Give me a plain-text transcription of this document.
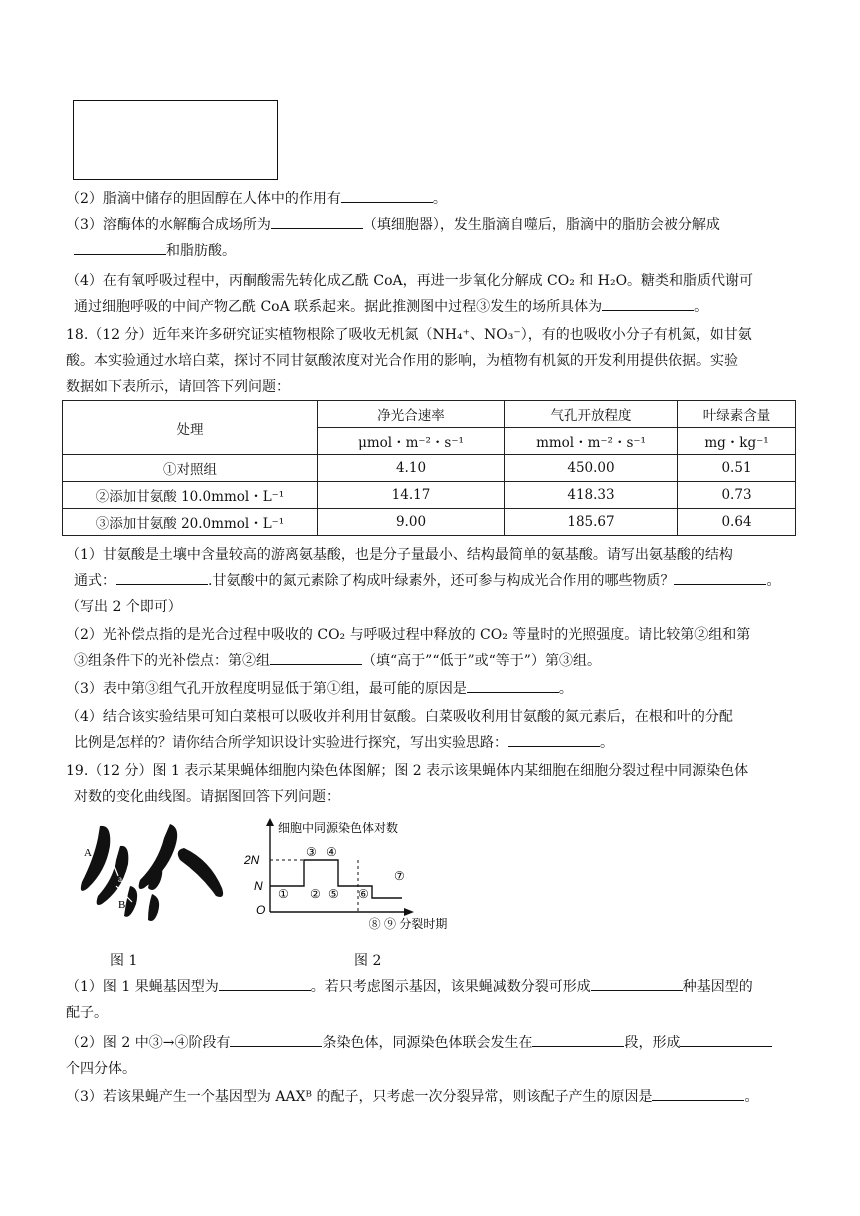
（2）脂滴中储存的胆固醇在人体中的作用有	。

（3）溶酶体的水解酶合成场所为	（填细胞器），发生脂滴自噬后，脂滴中的脂肪会被分解成

和脂肪酸。

（4）在有氧呼吸过程中，丙酮酸需先转化成乙酰 CoA，再进一步氧化分解成 CO₂ 和 H₂O。糖类和脂质代谢可

通过细胞呼吸的中间产物乙酰 CoA 联系起来。据此推测图中过程③发生的场所具体为	。

18.（12 分）近年来许多研究证实植物根除了吸收无机氮（NH₄⁺、NO₃⁻），有的也吸收小分子有机氮，如甘氨

酸。本实验通过水培白菜，探讨不同甘氨酸浓度对光合作用的影响，为植物有机氮的开发利用提供依据。实验

数据如下表所示，请回答下列问题：

处理	净光合速率	气孔开放程度	叶绿素含量
	μmol・m⁻²・s⁻¹	mmol・m⁻²・s⁻¹	mg・kg⁻¹
①对照组	4.10	450.00	0.51
②添加甘氨酸 10.0mmol・L⁻¹	14.17	418.33	0.73
③添加甘氨酸 20.0mmol・L⁻¹	9.00	185.67	0.64

（1）甘氨酸是土壤中含量较高的游离氨基酸，也是分子量最小、结构最简单的氨基酸。请写出氨基酸的结构

通式：	.甘氨酸中的氮元素除了构成叶绿素外，还可参与构成光合作用的哪些物质？	。

（写出 2 个即可）

（2）光补偿点指的是光合过程中吸收的 CO₂ 与呼吸过程中释放的 CO₂ 等量时的光照强度。请比较第②组和第

③组条件下的光补偿点：第②组	（填“高于”“低于”或“等于”）第③组。

（3）表中第③组气孔开放程度明显低于第①组，最可能的原因是	。

（4）结合该实验结果可知白菜根可以吸收并利用甘氨酸。白菜吸收利用甘氨酸的氮元素后，在根和叶的分配

比例是怎样的？请你结合所学知识设计实验进行探究，写出实验思路：	。

19.（12 分）图 1 表示某果蝇体细胞内染色体图解；图 2 表示该果蝇体内某细胞在细胞分裂过程中同源染色体

对数的变化曲线图。请据图回答下列问题：

A
a
B
细胞中同源染色体对数
⑧ ⑨ 分裂时期
2N
N
O
① ②
③ ④
⑤ ⑥
⑦
图 1	图 2

（1）图 1 果蝇基因型为	。若只考虑图示基因，该果蝇减数分裂可形成	种基因型的

配子。

（2）图 2 中③→④阶段有	条染色体，同源染色体联会发生在	段，形成

个四分体。

（3）若该果蝇产生一个基因型为 AAXᴮ 的配子，只考虑一次分裂异常，则该配子产生的原因是	。
